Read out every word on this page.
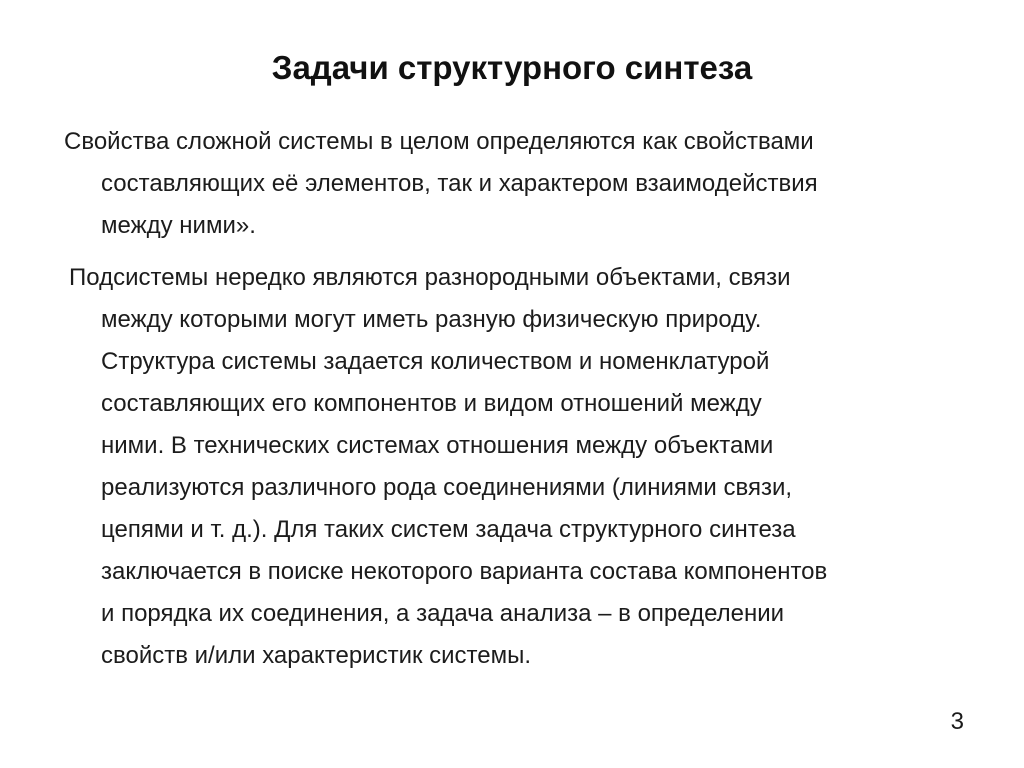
Задачи структурного синтеза

Свойства сложной системы в целом определяются как свойствами
составляющих её элементов, так и характером взаимодействия
между ними».

Подсистемы нередко являются разнородными объектами, связи
между которыми могут иметь разную физическую природу.
Структура системы задается количеством и номенклатурой
составляющих его компонентов и видом отношений между
ними. В технических системах отношения между объектами
реализуются различного рода соединениями (линиями связи,
цепями и т. д.). Для таких систем задача структурного синтеза
заключается в поиске некоторого варианта состава компонентов
и порядка их соединения, а задача анализа – в определении
свойств и/или характеристик системы.

3
